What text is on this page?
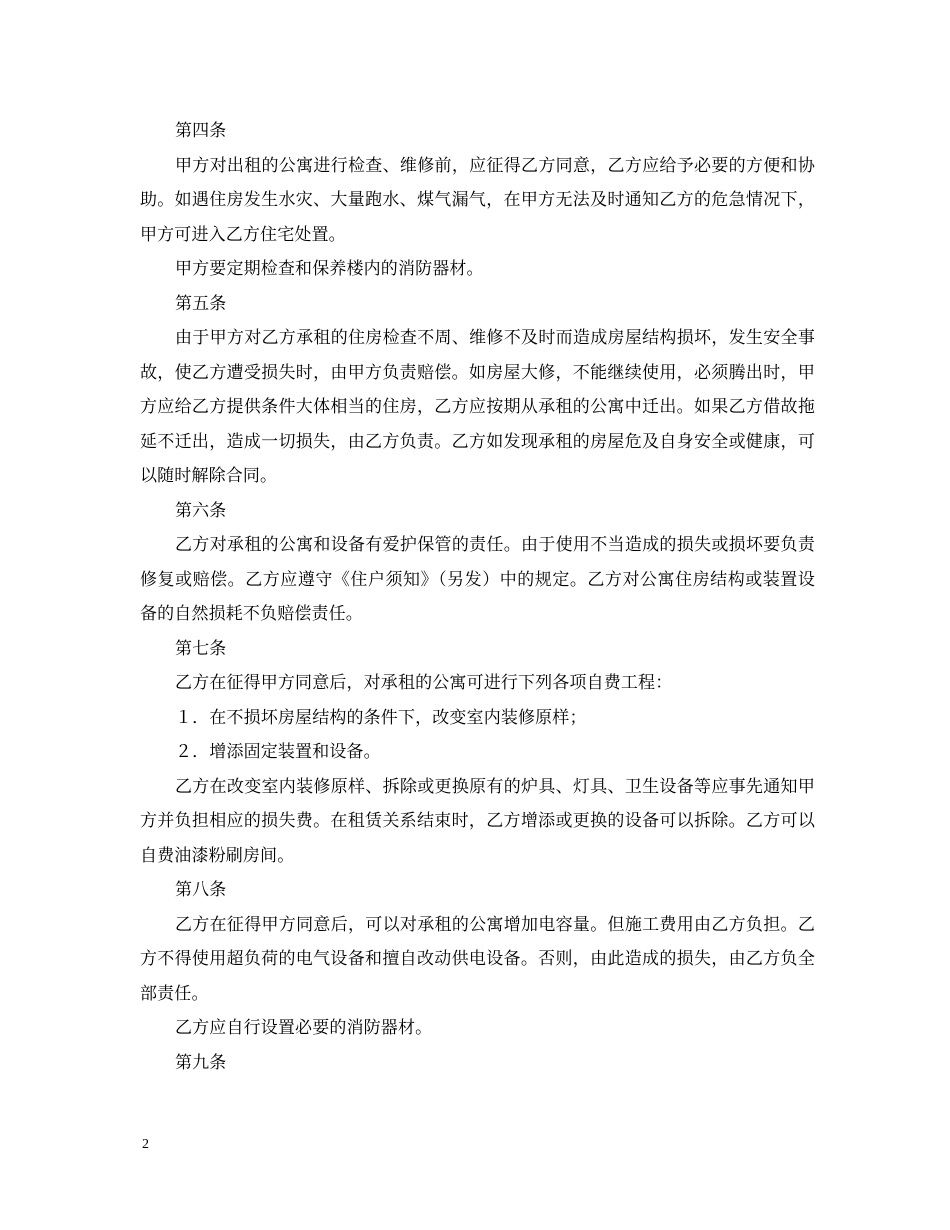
第四条

甲方对出租的公寓进行检查、维修前，应征得乙方同意，乙方应给予必要的方便和协助。如遇住房发生水灾、大量跑水、煤气漏气，在甲方无法及时通知乙方的危急情况下，甲方可进入乙方住宅处置。

甲方要定期检查和保养楼内的消防器材。

第五条

由于甲方对乙方承租的住房检查不周、维修不及时而造成房屋结构损坏，发生安全事故，使乙方遭受损失时，由甲方负责赔偿。如房屋大修，不能继续使用，必须腾出时，甲方应给乙方提供条件大体相当的住房，乙方应按期从承租的公寓中迁出。如果乙方借故拖延不迁出，造成一切损失，由乙方负责。乙方如发现承租的房屋危及自身安全或健康，可以随时解除合同。

第六条

乙方对承租的公寓和设备有爱护保管的责任。由于使用不当造成的损失或损坏要负责修复或赔偿。乙方应遵守《住户须知》（另发）中的规定。乙方对公寓住房结构或装置设备的自然损耗不负赔偿责任。

第七条

乙方在征得甲方同意后，对承租的公寓可进行下列各项自费工程：

１．在不损坏房屋结构的条件下，改变室内装修原样；

２．增添固定装置和设备。

乙方在改变室内装修原样、拆除或更换原有的炉具、灯具、卫生设备等应事先通知甲方并负担相应的损失费。在租赁关系结束时，乙方增添或更换的设备可以拆除。乙方可以自费油漆粉刷房间。

第八条

乙方在征得甲方同意后，可以对承租的公寓增加电容量。但施工费用由乙方负担。乙方不得使用超负荷的电气设备和擅自改动供电设备。否则，由此造成的损失，由乙方负全部责任。

乙方应自行设置必要的消防器材。

第九条

2
